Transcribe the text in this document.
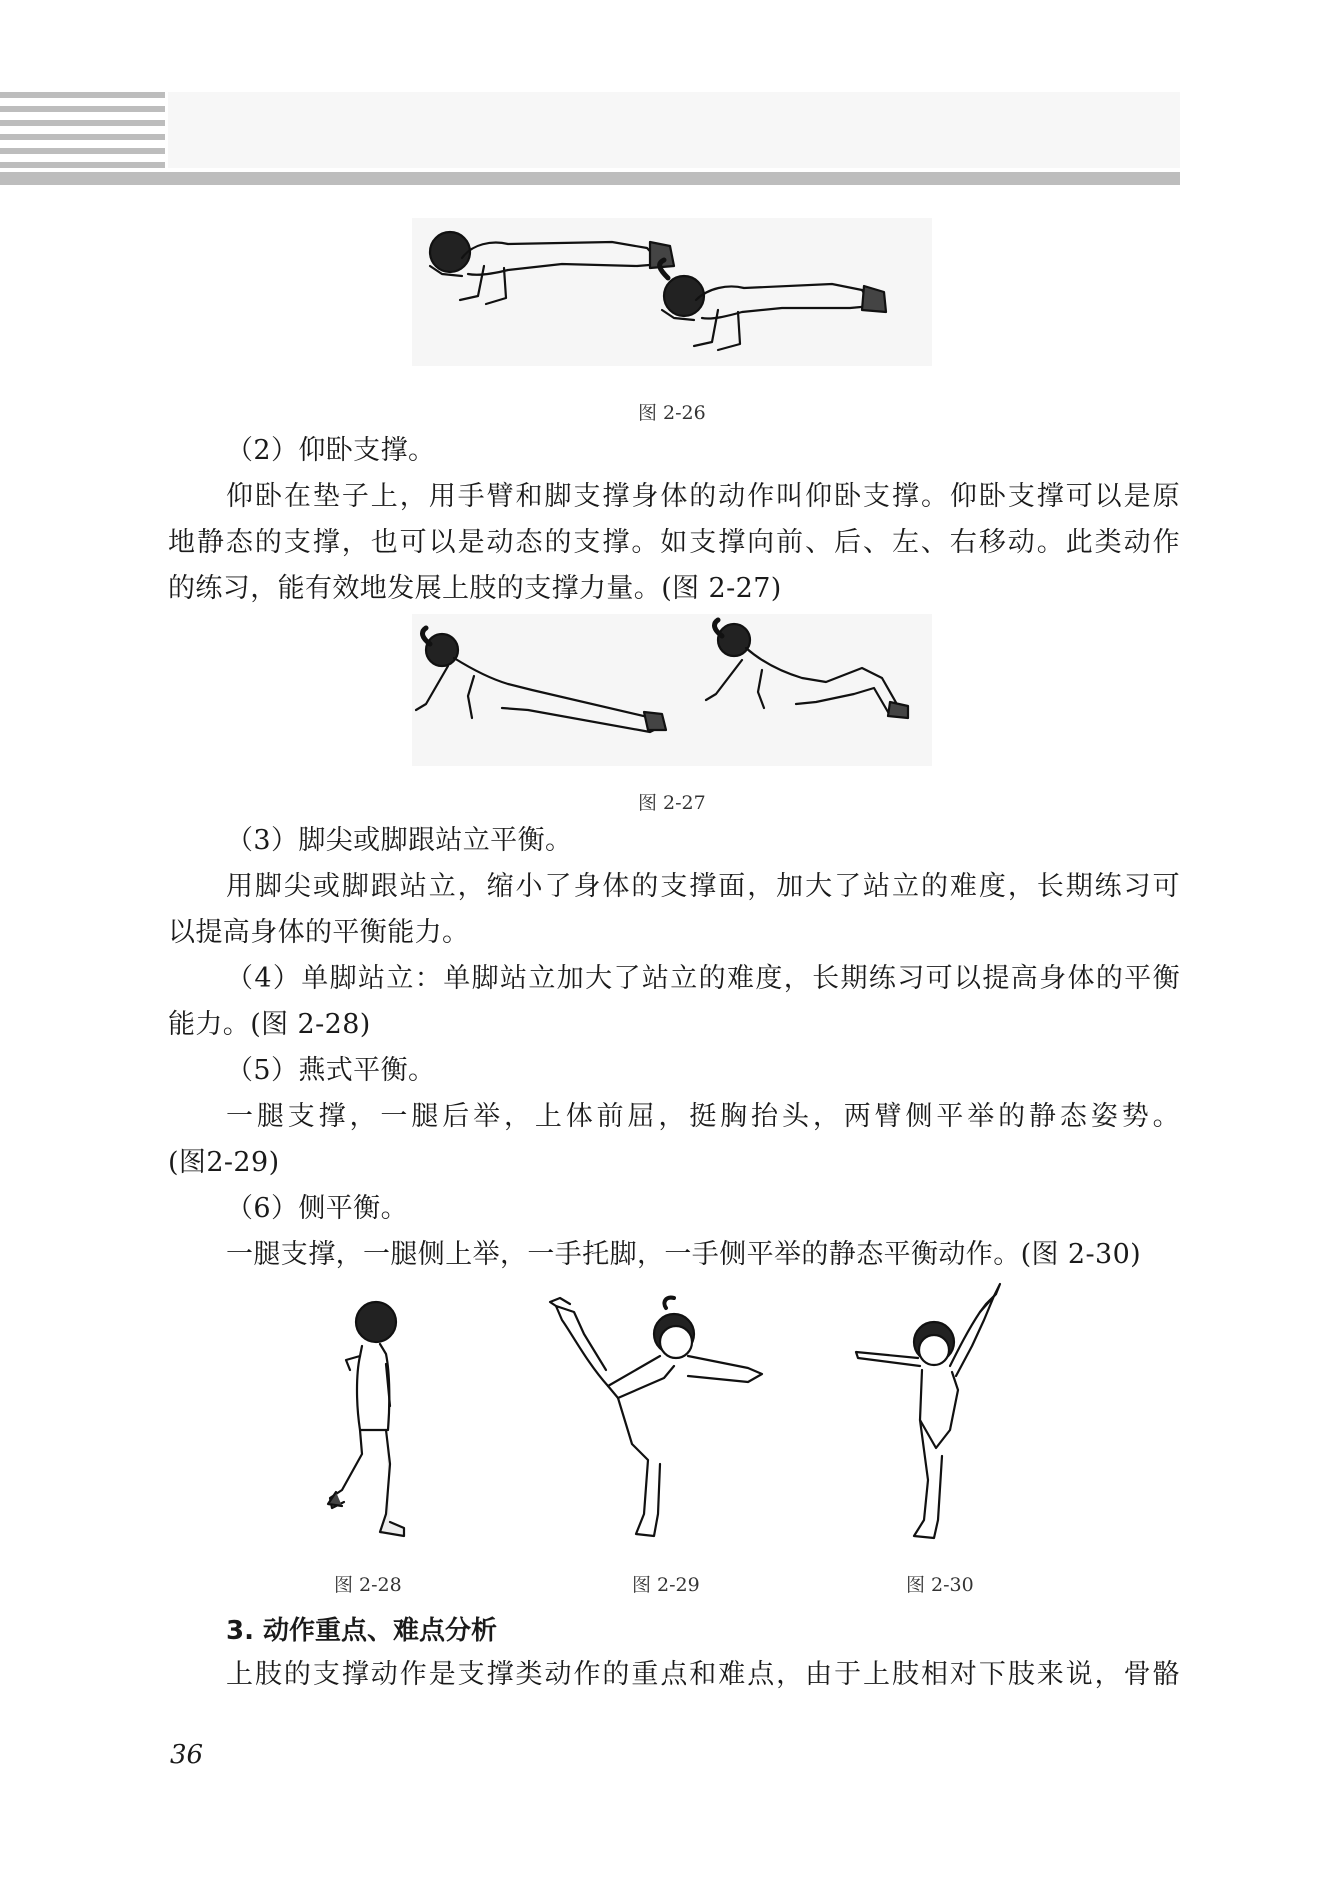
图 2-26
（2）仰卧支撑。
仰卧在垫子上，用手臂和脚支撑身体的动作叫仰卧支撑。仰卧支撑可以是原
地静态的支撑，也可以是动态的支撑。如支撑向前、后、左、右移动。此类动作
的练习，能有效地发展上肢的支撑力量。(图 2-27)
图 2-27
（3）脚尖或脚跟站立平衡。
用脚尖或脚跟站立，缩小了身体的支撑面，加大了站立的难度，长期练习可
以提高身体的平衡能力。
（4）单脚站立：单脚站立加大了站立的难度，长期练习可以提高身体的平衡
能力。(图 2-28)
（5）燕式平衡。
一腿支撑，一腿后举，上体前屈，挺胸抬头，两臂侧平举的静态姿势。
(图2-29)
（6）侧平衡。
一腿支撑，一腿侧上举，一手托脚，一手侧平举的静态平衡动作。(图 2-30)
图 2-28	图 2-29	图 2-30
3. 动作重点、难点分析
上肢的支撑动作是支撑类动作的重点和难点，由于上肢相对下肢来说，骨骼
36
